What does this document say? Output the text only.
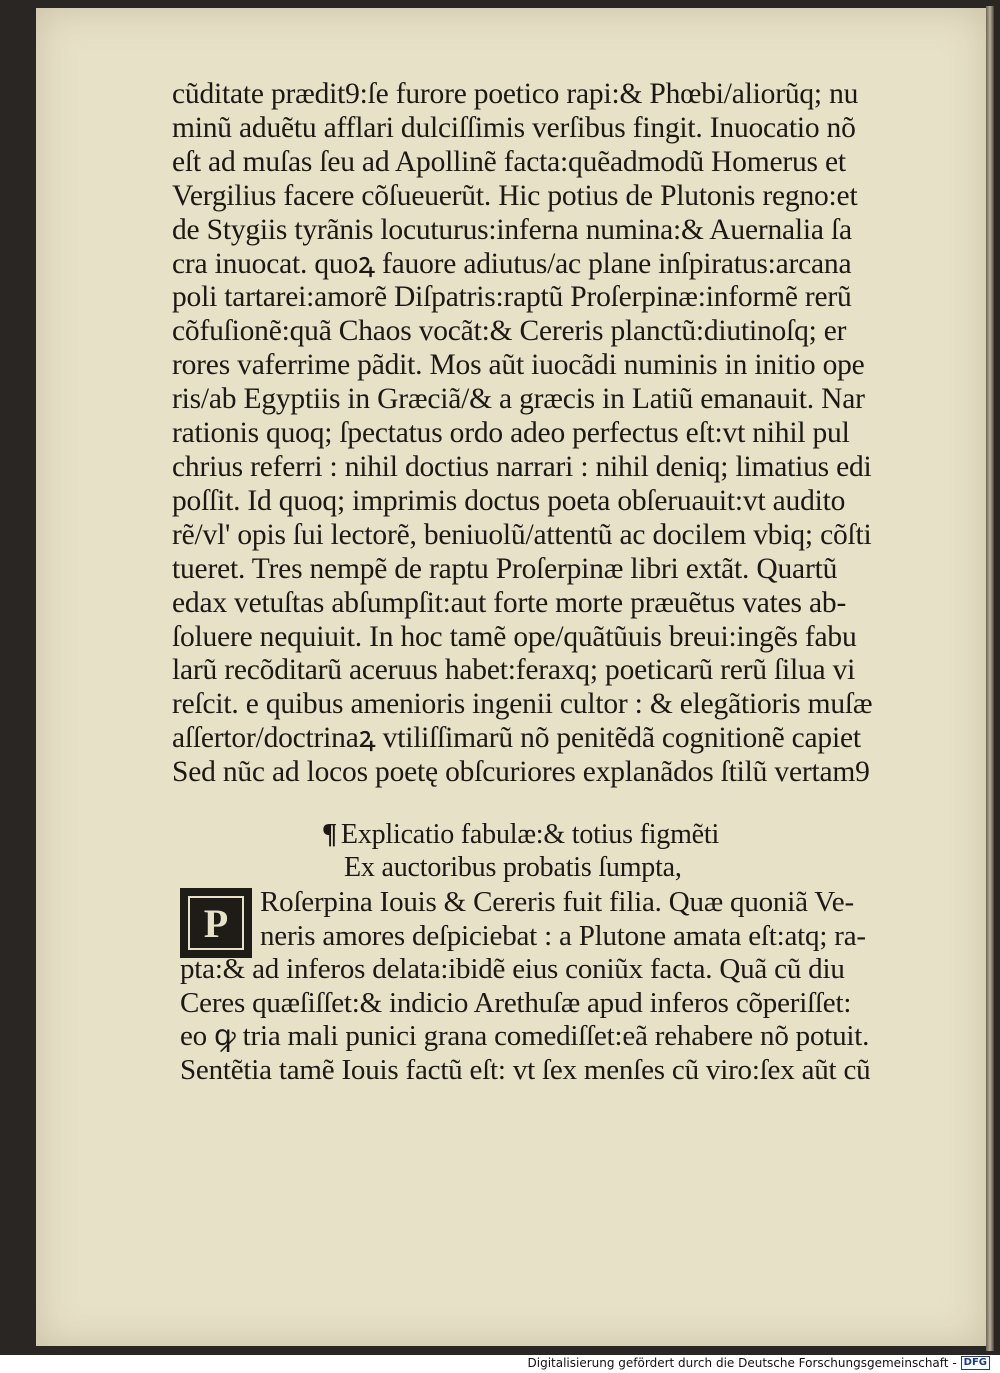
cũditate prædit9:ſe furore poetico rapi:& Phœbi/aliorũq; nu
minũ aduẽtu afflari dulciſſimis verſibus fingit. Inuocatio nõ
eſt ad muſas ſeu ad Apollinẽ facta:quẽadmodũ Homerus et
Vergilius facere cõſueuerũt. Hic potius de Plutonis regno:et
de Stygiis tyrãnis locuturus:inferna numina:& Auernalia ſa
cra inuocat. quoꝝ fauore adiutus/ac plane inſpiratus:arcana
poli tartarei:amorẽ Diſpatris:raptũ Proſerpinæ:informẽ rerũ
cõfuſionẽ:quã Chaos vocãt:& Cereris planctũ:diutinoſq; er
rores vaferrime pãdit. Mos aũt iuocãdi numinis in initio ope
ris/ab Egyptiis in Græciã/& a græcis in Latiũ emanauit. Nar
rationis quoq; ſpectatus ordo adeo perfectus eſt:vt nihil pul
chrius referri : nihil doctius narrari : nihil deniq; limatius edi
poſſit. Id quoq; imprimis doctus poeta obſeruauit:vt audito
rẽ/vl' opis ſui lectorẽ, beniuolũ/attentũ ac docilem vbiq; cõſti
tueret. Tres nempẽ de raptu Proſerpinæ libri extãt. Quartũ
edax vetuſtas abſumpſit:aut forte morte præuẽtus vates ab-
ſoluere nequiuit. In hoc tamẽ ope/quãtũuis breui:ingẽs fabu
larũ recõditarũ aceruus habet:feraxq; poeticarũ rerũ ſilua vi
reſcit. e quibus amenioris ingenii cultor : & elegãtioris muſæ
aſſertor/doctrinaꝝ vtiliſſimarũ nõ penitẽdã cognitionẽ capiet
Sed nũc ad locos poetę obſcuriores explanãdos ſtilũ vertam9
¶ Explicatio fabulæ:& totius figmẽti
Ex auctoribus probatis ſumpta,
P	Roſerpina Iouis & Cereris fuit filia. Quæ quoniã Ve-
neris amores deſpiciebat : a Plutone amata eſt:atq; ra-
pta:& ad inferos delata:ibidẽ eius coniũx facta. Quã cũ diu
Ceres quæſiſſet:& indicio Arethuſæ apud inferos cõperiſſet:
eo ꝙ tria mali punici grana comediſſet:eã rehabere nõ potuit.
Sentẽtia tamẽ Iouis factũ eſt: vt ſex menſes cũ viro:ſex aũt cũ
Digitalisierung gefördert durch die Deutsche Forschungsgemeinschaft - DFG
